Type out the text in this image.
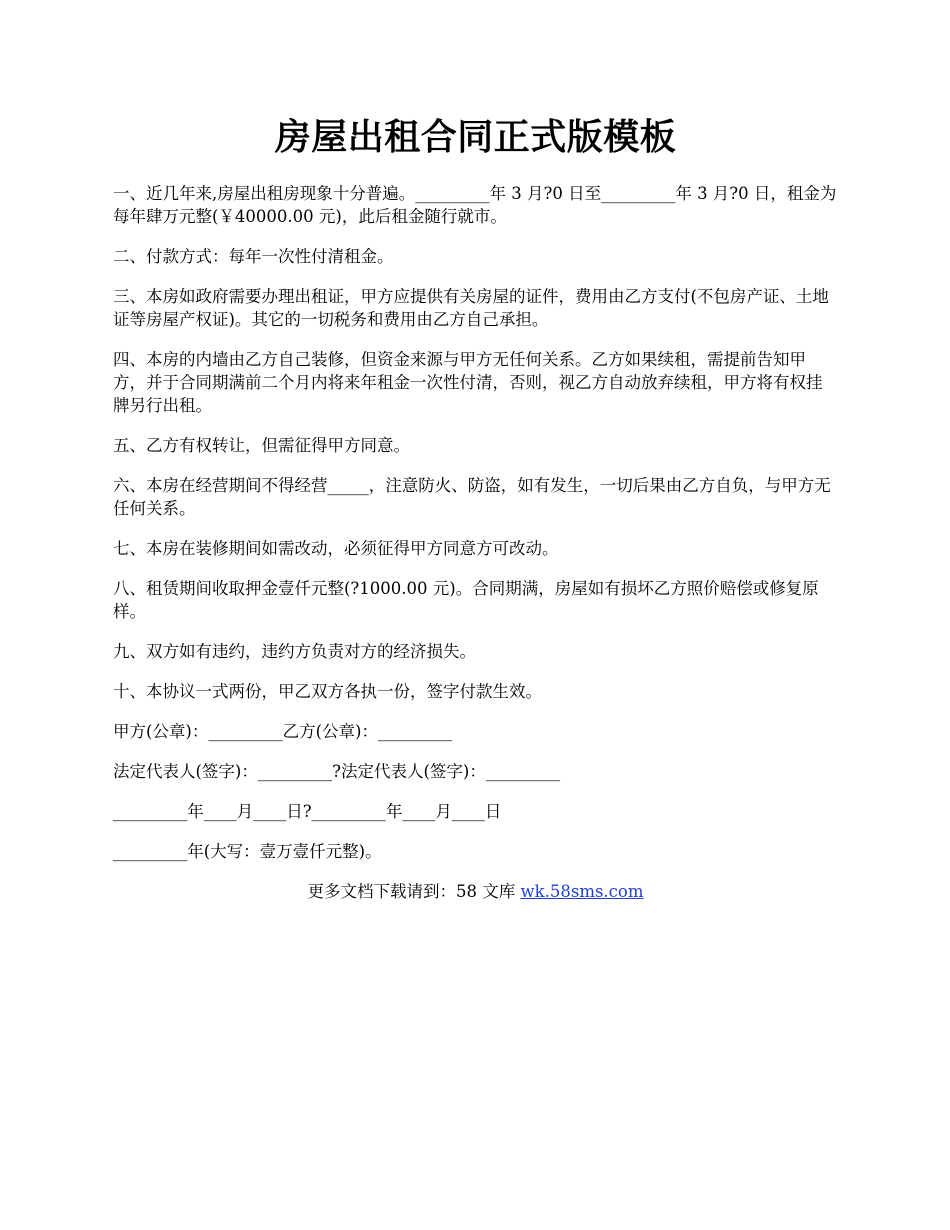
房屋出租合同正式版模板

一、近几年来,房屋出租房现象十分普遍。_________年 3 月?0 日至_________年 3 月?0 日，租金为每年肆万元整(￥40000.00 元)，此后租金随行就市。

二、付款方式：每年一次性付清租金。

三、本房如政府需要办理出租证，甲方应提供有关房屋的证件，费用由乙方支付(不包房产证、土地证等房屋产权证)。其它的一切税务和费用由乙方自己承担。

四、本房的内墙由乙方自己装修，但资金来源与甲方无任何关系。乙方如果续租，需提前告知甲方，并于合同期满前二个月内将来年租金一次性付清，否则，视乙方自动放弃续租，甲方将有权挂牌另行出租。

五、乙方有权转让，但需征得甲方同意。

六、本房在经营期间不得经营_____，注意防火、防盗，如有发生，一切后果由乙方自负，与甲方无任何关系。

七、本房在装修期间如需改动，必须征得甲方同意方可改动。

八、租赁期间收取押金壹仟元整(?1000.00 元)。合同期满，房屋如有损坏乙方照价赔偿或修复原样。

九、双方如有违约，违约方负责对方的经济损失。

十、本协议一式两份，甲乙双方各执一份，签字付款生效。

甲方(公章)：_________乙方(公章)：_________

法定代表人(签字)：_________?法定代表人(签字)：_________

_________年____月____日?_________年____月____日

_________年(大写：壹万壹仟元整)。

更多文档下载请到：58 文库 wk.58sms.com
